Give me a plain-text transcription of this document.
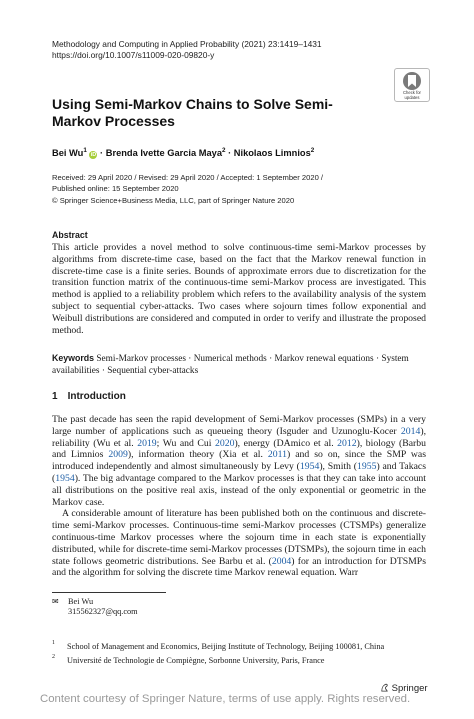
Methodology and Computing in Applied Probability (2021) 23:1419–1431
https://doi.org/10.1007/s11009-020-09820-y
Check for
updates
Using Semi-Markov Chains to Solve Semi-Markov Processes
Bei Wu$^1$ iD · Brenda Ivette Garcia Maya$^2$ · Nikolaos Limnios$^2$
Received: 29 April 2020 / Revised: 29 April 2020 / Accepted: 1 September 2020 /
Published online: 15 September 2020
© Springer Science+Business Media, LLC, part of Springer Nature 2020
Abstract
This article provides a novel method to solve continuous-time semi-Markov processes by algorithms from discrete-time case, based on the fact that the Markov renewal function in discrete-time case is a finite series. Bounds of approximate errors due to discretization for the transition function matrix of the continuous-time semi-Markov process are investigated. This method is applied to a reliability problem which refers to the availability analysis of the system subject to sequential cyber-attacks. Two cases where sojourn times follow exponential and Weibull distributions are considered and computed in order to verify and illustrate the proposed method.
Keywords Semi-Markov processes · Numerical methods · Markov renewal equations · System availabilities · Sequential cyber-attacks
1 Introduction

The past decade has seen the rapid development of Semi-Markov processes (SMPs) in a very large number of applications such as queueing theory (Isguder and Uzunoglu-Kocer 2014), reliability (Wu et al. 2019; Wu and Cui 2020), energy (DAmico et al. 2012), biology (Barbu and Limnios 2009), information theory (Xia et al. 2011) and so on, since the SMP was introduced independently and almost simultaneously by Levy (1954), Smith (1955) and Takacs (1954). The big advantage compared to the Markov processes is that they can take into account all distributions on the positive real axis, instead of the only exponential or geometric in the Markov case.

A considerable amount of literature has been published both on the continuous and discrete-time semi-Markov processes. Continuous-time semi-Markov processes (CTSMPs) generalize continuous-time Markov processes where the sojourn time in each state is exponentially distributed, while for discrete-time semi-Markov processes (DTSMPs), the sojourn time in each state follows geometric distributions. See Barbu et al. (2004) for an introduction for DTSMPs and the algorithm for solving the discrete time Markov renewal equation. Warr

✉ Bei Wu
315562327@qq.com
1 School of Management and Economics, Beijing Institute of Technology, Beijing 100081, China
2 Université de Technologie de Compiègne, Sorbonne University, Paris, France
Springer
Content courtesy of Springer Nature, terms of use apply. Rights reserved.
